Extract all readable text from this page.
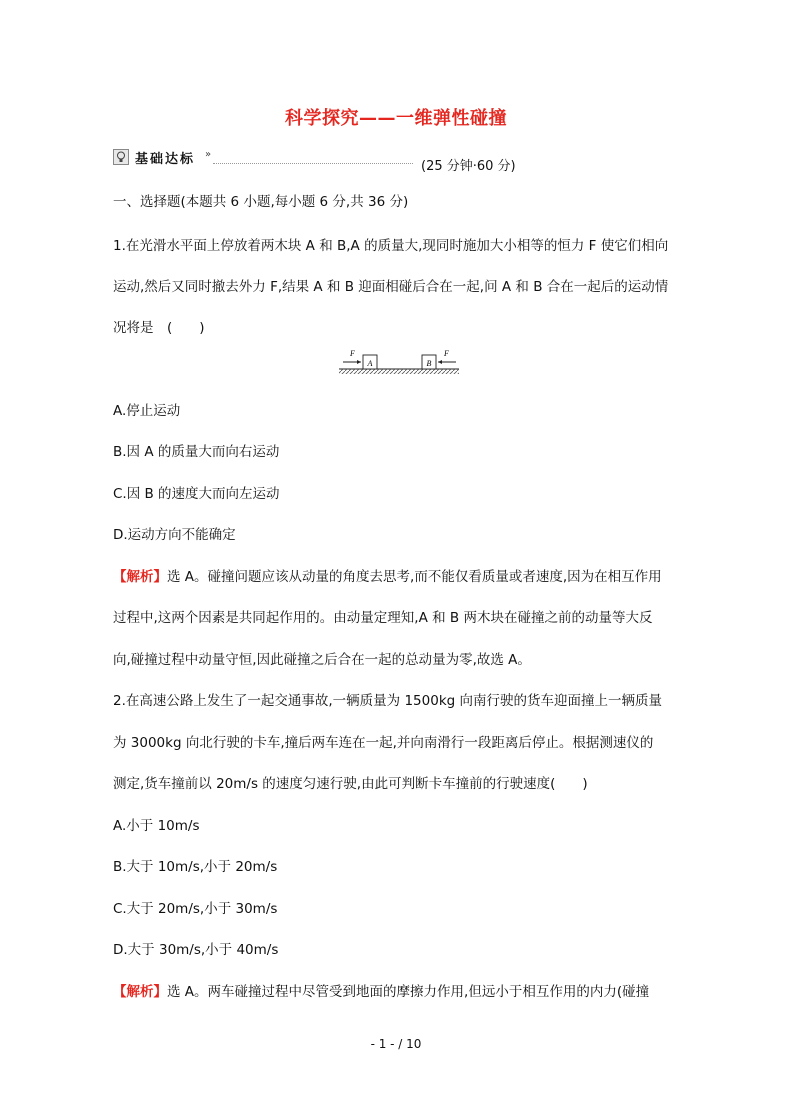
科学探究——一维弹性碰撞
基础达标 »
(25 分钟·60 分)
一、选择题(本题共 6 小题,每小题 6 分,共 36 分)
1.在光滑水平面上停放着两木块 A 和 B,A 的质量大,现同时施加大小相等的恒力 F 使它们相向
运动,然后又同时撤去外力 F,结果 A 和 B 迎面相碰后合在一起,问 A 和 B 合在一起后的运动情
况将是　(　　)
A	B
F	F
A.停止运动
B.因 A 的质量大而向右运动
C.因 B 的速度大而向左运动
D.运动方向不能确定
【解析】选 A。碰撞问题应该从动量的角度去思考,而不能仅看质量或者速度,因为在相互作用
过程中,这两个因素是共同起作用的。由动量定理知,A 和 B 两木块在碰撞之前的动量等大反
向,碰撞过程中动量守恒,因此碰撞之后合在一起的总动量为零,故选 A。
2.在高速公路上发生了一起交通事故,一辆质量为 1500kg 向南行驶的货车迎面撞上一辆质量
为 3000kg 向北行驶的卡车,撞后两车连在一起,并向南滑行一段距离后停止。根据测速仪的
测定,货车撞前以 20m/s 的速度匀速行驶,由此可判断卡车撞前的行驶速度(　　)
A.小于 10m/s
B.大于 10m/s,小于 20m/s
C.大于 20m/s,小于 30m/s
D.大于 30m/s,小于 40m/s
【解析】选 A。两车碰撞过程中尽管受到地面的摩擦力作用,但远小于相互作用的内力(碰撞
- 1 - / 10
